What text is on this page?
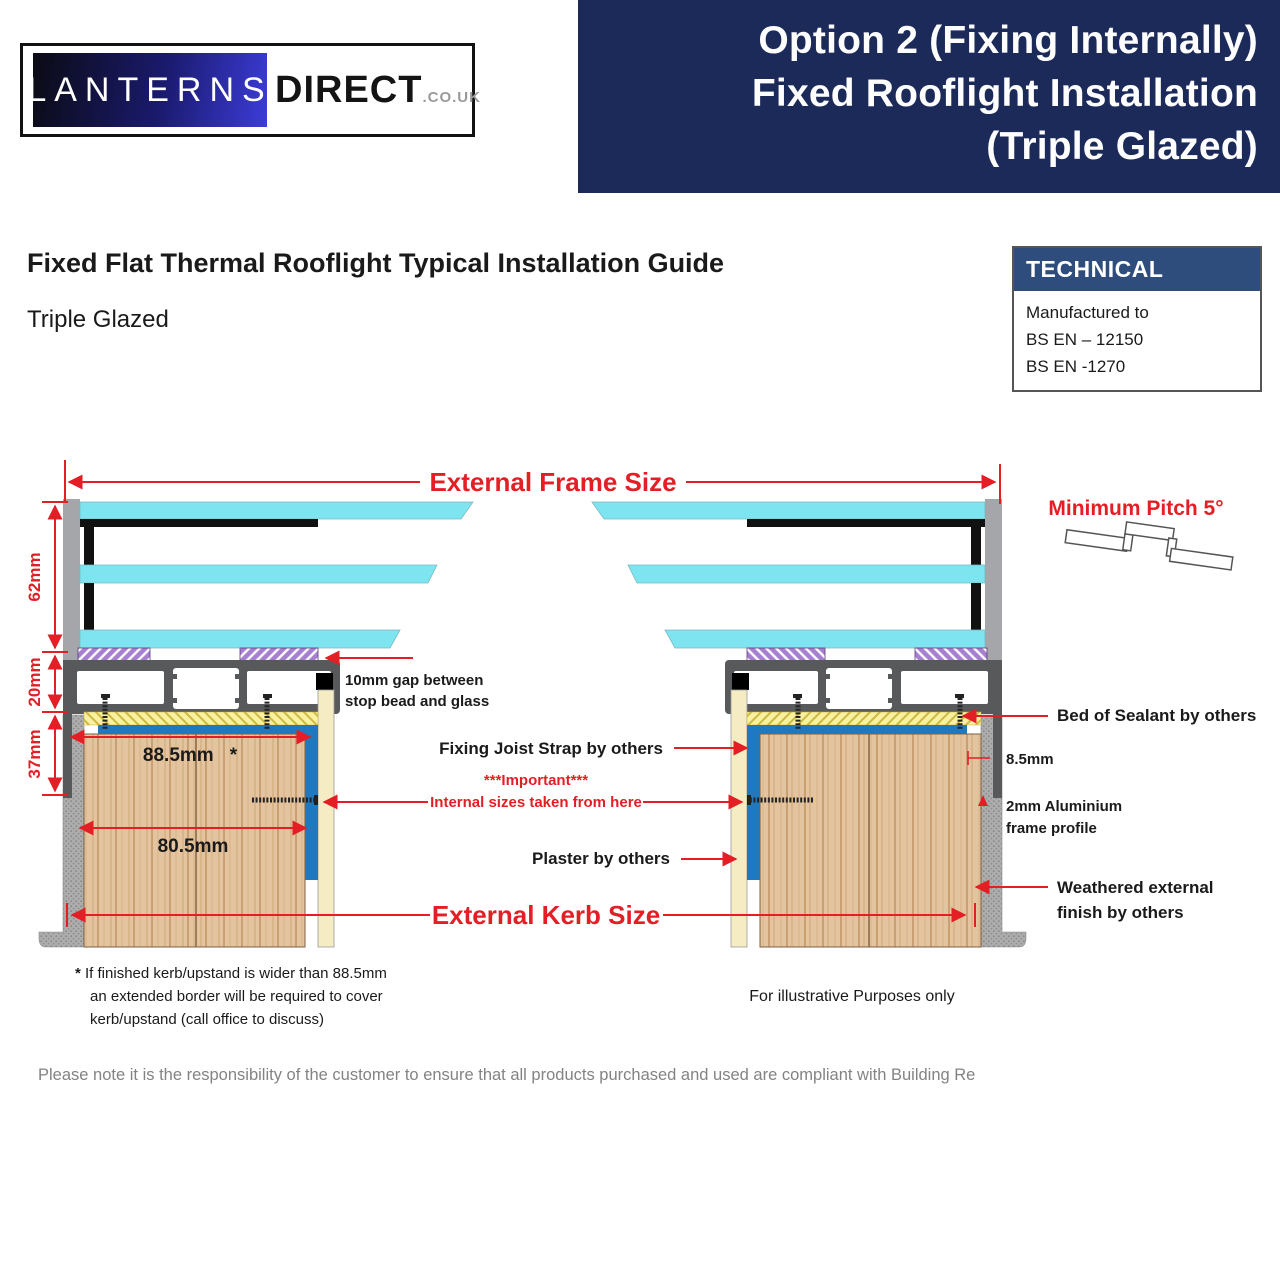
LANTERNS DIRECT .CO.UK
Option 2 (Fixing Internally)
Fixed Rooflight Installation
(Triple Glazed)
Fixed Flat Thermal Rooflight Typical Installation Guide
Triple Glazed
TECHNICAL
Manufactured to
BS EN – 12150
BS EN -1270
External Frame Size
62mm
20mm
37mm	88.5mm *
80.5mm
10mm gap between
stop bead and glass
Fixing Joist Strap by others
***Important***
Internal sizes taken from here
Plaster by others
External Kerb Size
Bed of Sealant by others
8.5mm
2mm Aluminium
frame profile
Weathered external
finish by others
Minimum Pitch 5°
* If finished kerb/upstand is wider than 88.5mm
an extended border will be required to cover
kerb/upstand (call office to discuss)
For illustrative Purposes only
Please note it is the responsibility of the customer to ensure that all products purchased and used are compliant with Building Re
